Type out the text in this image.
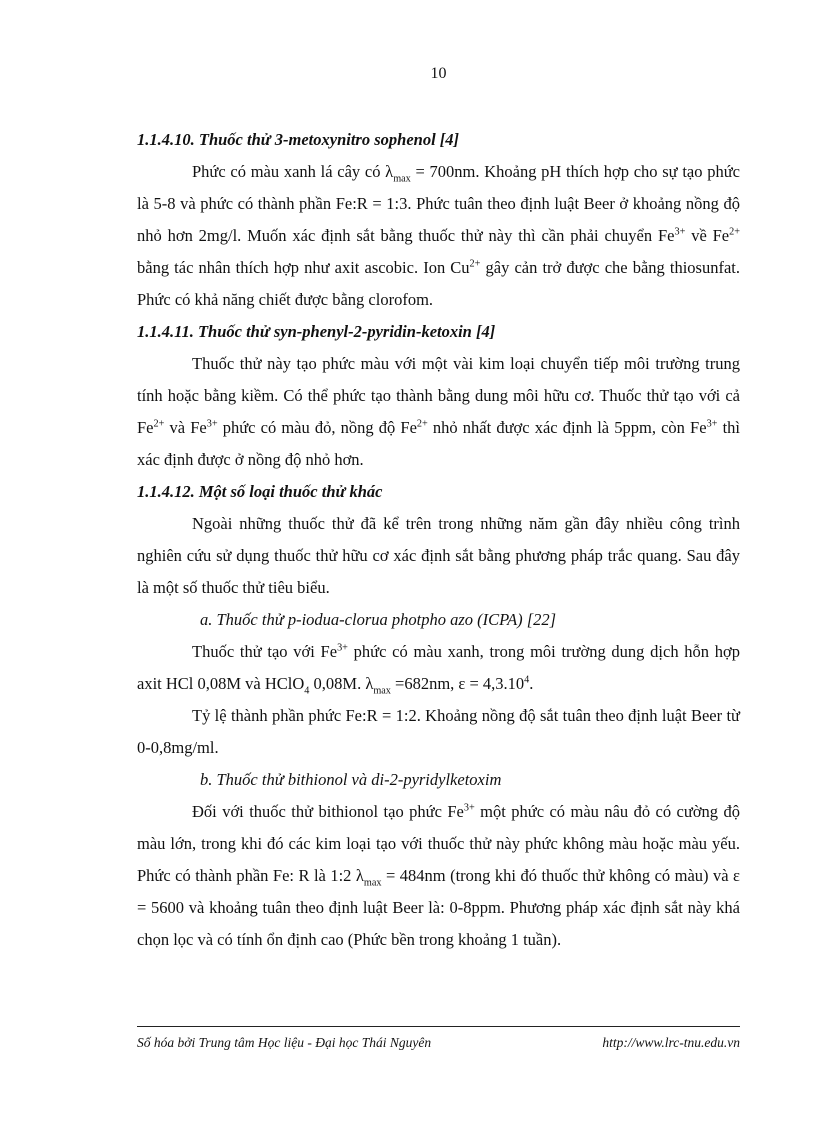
10
1.1.4.10. Thuốc thử 3-metoxynitro sophenol [4]

Phức có màu xanh lá cây có $\lambda_{max} = 700nm$. Khoảng pH thích hợp cho sự tạo phức là 5-8 và phức có thành phần Fe:R = 1:3. Phức tuân theo định luật Beer ở khoảng nồng độ nhỏ hơn 2mg/l. Muốn xác định sắt bằng thuốc thử này thì cần phải chuyển $Fe^{3+}$ về $Fe^{2+}$ bằng tác nhân thích hợp như axit ascobic. Ion $Cu^{2+}$ gây cản trở được che bằng thiosunfat. Phức có khả năng chiết được bằng clorofom.

1.1.4.11. Thuốc thử syn-phenyl-2-pyridin-ketoxin [4]

Thuốc thử này tạo phức màu với một vài kim loại chuyển tiếp môi trường trung tính hoặc bằng kiềm. Có thể phức tạo thành bằng dung môi hữu cơ. Thuốc thử tạo với cả $Fe^{2+}$ và $Fe^{3+}$ phức có màu đỏ, nồng độ $Fe^{2+}$ nhỏ nhất được xác định là 5ppm, còn $Fe^{3+}$ thì xác định được ở nồng độ nhỏ hơn.

1.1.4.12. Một số loại thuốc thử khác

Ngoài những thuốc thử đã kể trên trong những năm gần đây nhiều công trình nghiên cứu sử dụng thuốc thử hữu cơ xác định sắt bằng phương pháp trắc quang. Sau đây là một số thuốc thử tiêu biểu.

a. Thuốc thử p-iodua-clorua photpho azo (ICPA) [22]

Thuốc thử tạo với $Fe^{3+}$ phức có màu xanh, trong môi trường dung dịch hỗn hợp axit HCl 0,08M và HClO$_4$ 0,08M. $\lambda_{max} =682nm$, $\varepsilon = 4,3.10^4$.

Tỷ lệ thành phần phức Fe:R = 1:2. Khoảng nồng độ sắt tuân theo định luật Beer từ 0-0,8mg/ml.

b. Thuốc thử bithionol và di-2-pyridylketoxim

Đối với thuốc thử bithionol tạo phức $Fe^{3+}$ một phức có màu nâu đỏ có cường độ màu lớn, trong khi đó các kim loại tạo với thuốc thử này phức không màu hoặc màu yếu. Phức có thành phần Fe: R là 1:2 $\lambda_{max} = 484nm$ (trong khi đó thuốc thử không có màu) và ε = 5600 và khoảng tuân theo định luật Beer là: 0-8ppm. Phương pháp xác định sắt này khá chọn lọc và có tính ổn định cao (Phức bền trong khoảng 1 tuần).

Số hóa bởi Trung tâm Học liệu - Đại học Thái Nguyên	http://www.lrc-tnu.edu.vn
